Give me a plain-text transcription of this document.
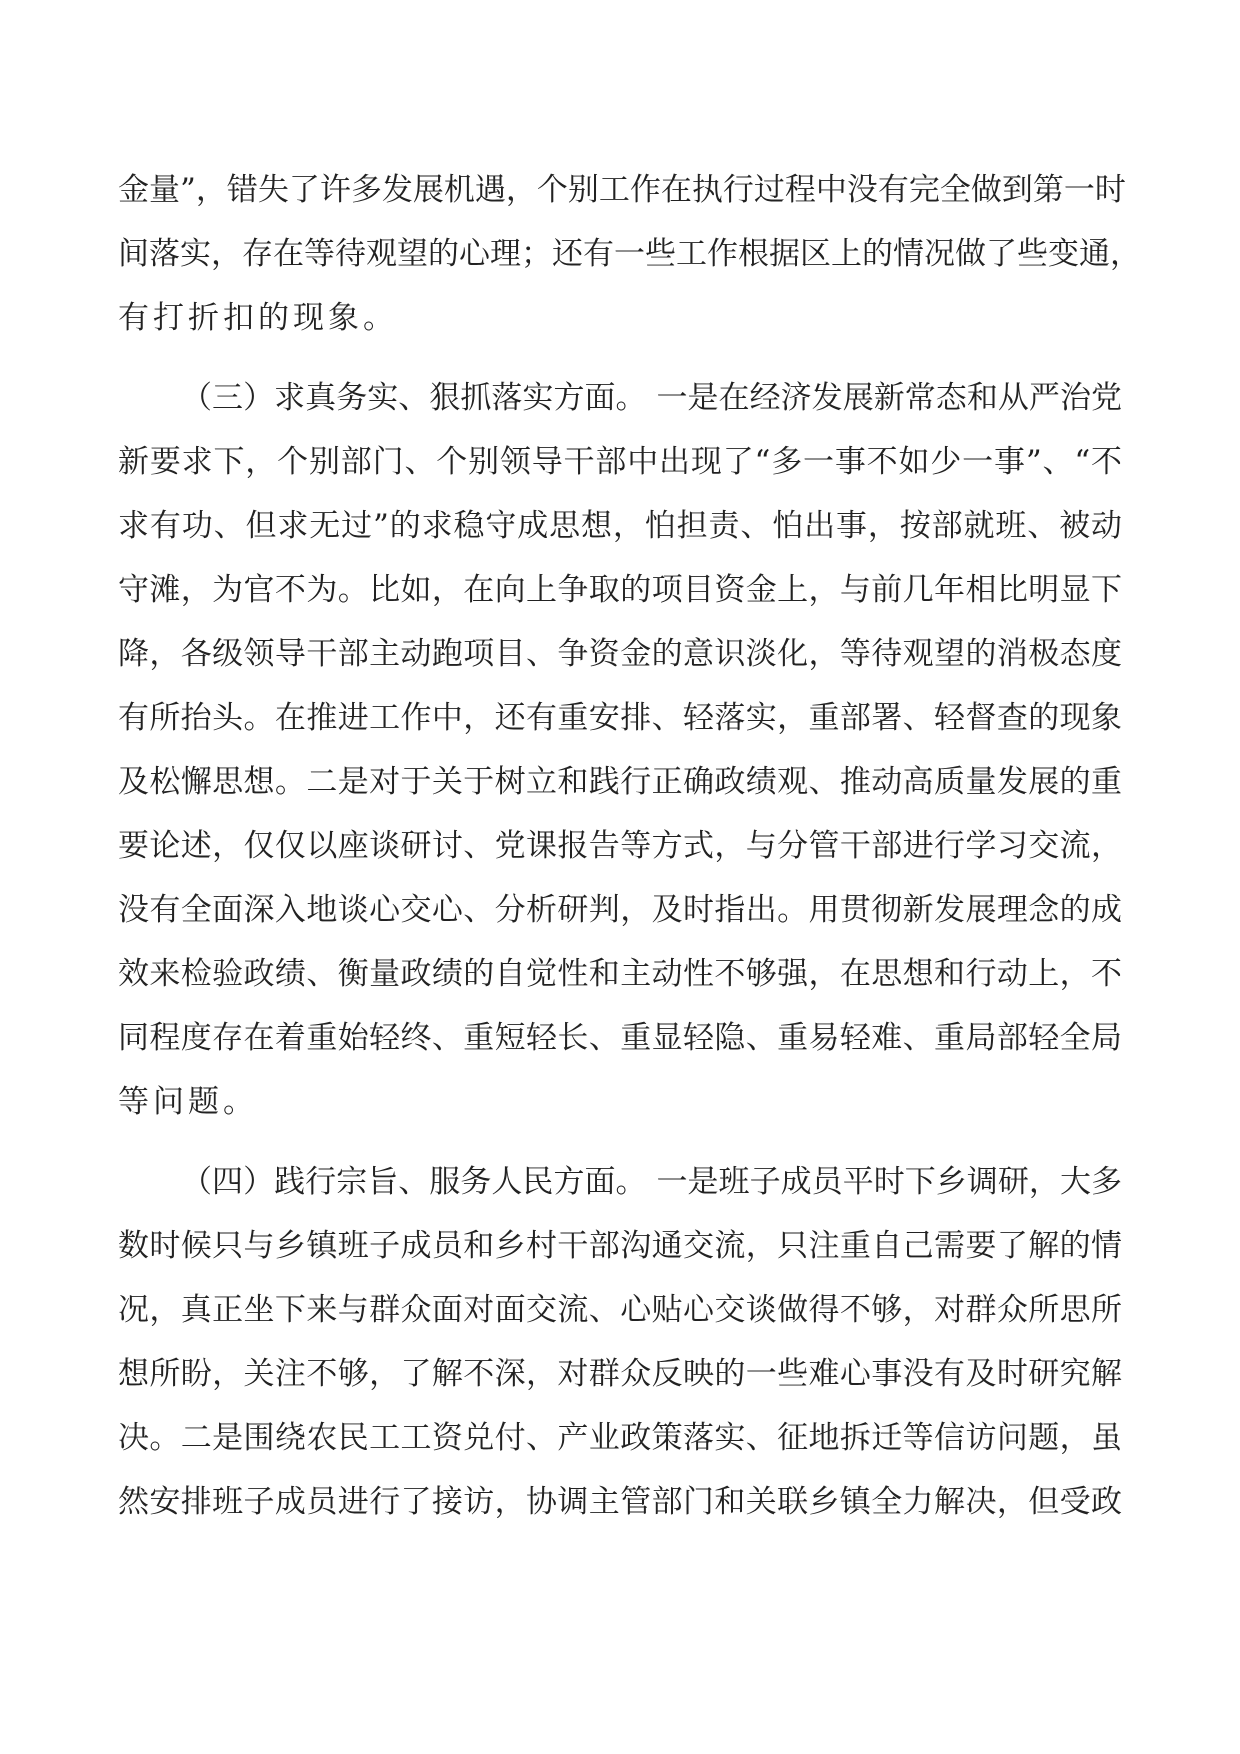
金量”，错失了许多发展机遇，个别工作在执行过程中没有完全做到第一时
间落实，存在等待观望的心理；还有一些工作根据区上的情况做了些变通，
有打折扣的现象。
（三）求真务实、狠抓落实方面。 一是在经济发展新常态和从严治党
新要求下，个别部门、个别领导干部中出现了“多一事不如少一事”、“不
求有功、但求无过”的求稳守成思想，怕担责、怕出事，按部就班、被动
守滩，为官不为。比如，在向上争取的项目资金上，与前几年相比明显下
降，各级领导干部主动跑项目、争资金的意识淡化，等待观望的消极态度
有所抬头。在推进工作中，还有重安排、轻落实，重部署、轻督查的现象
及松懈思想。二是对于关于树立和践行正确政绩观、推动高质量发展的重
要论述，仅仅以座谈研讨、党课报告等方式，与分管干部进行学习交流，
没有全面深入地谈心交心、分析研判，及时指出。用贯彻新发展理念的成
效来检验政绩、衡量政绩的自觉性和主动性不够强，在思想和行动上，不
同程度存在着重始轻终、重短轻长、重显轻隐、重易轻难、重局部轻全局
等问题。
（四）践行宗旨、服务人民方面。 一是班子成员平时下乡调研，大多
数时候只与乡镇班子成员和乡村干部沟通交流，只注重自己需要了解的情
况，真正坐下来与群众面对面交流、心贴心交谈做得不够，对群众所思所
想所盼，关注不够，了解不深，对群众反映的一些难心事没有及时研究解
决。二是围绕农民工工资兑付、产业政策落实、征地拆迁等信访问题，虽
然安排班子成员进行了接访，协调主管部门和关联乡镇全力解决，但受政
